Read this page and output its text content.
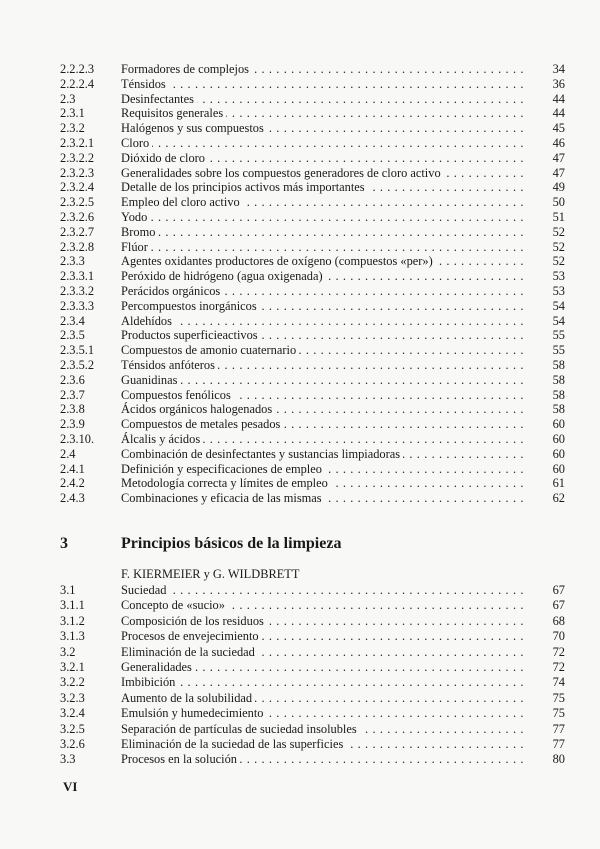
2.2.2.3	Formadores de complejos . . .	34
2.2.2.4	Ténsidos . . .	36
2.3	Desinfectantes . . .	44
2.3.1	Requisitos generales . . .	44
2.3.2	Halógenos y sus compuestos . . .	45
2.3.2.1	Cloro . . .	46
2.3.2.2	Dióxido de cloro . . .	47
2.3.2.3	Generalidades sobre los compuestos generadores de cloro activo . . .	47
2.3.2.4	Detalle de los principios activos más importantes . . .	49
2.3.2.5	Empleo del cloro activo . . .	50
2.3.2.6	Yodo . . .	51
2.3.2.7	Bromo . . .	52
2.3.2.8	Flúor . . .	52
2.3.3	Agentes oxidantes productores de oxígeno (compuestos «per») . . .	52
2.3.3.1	Peróxido de hidrógeno (agua oxigenada) . . .	53
2.3.3.2	Perácidos orgánicos . . .	53
2.3.3.3	Percompuestos inorgánicos . . .	54
2.3.4	Aldehídos . . .	54
2.3.5	Productos superficieactivos . . .	55
2.3.5.1	Compuestos de amonio cuaternario . . .	55
2.3.5.2	Ténsidos anfóteros . . .	58
2.3.6	Guanidinas . . .	58
2.3.7	Compuestos fenólicos . . .	58
2.3.8	Ácidos orgánicos halogenados . . .	58
2.3.9	Compuestos de metales pesados . . .	60
2.3.10.	Álcalis y ácidos . . .	60
2.4	Combinación de desinfectantes y sustancias limpiadoras . . .	60
2.4.1	Definición y especificaciones de empleo . . .	60
2.4.2	Metodología correcta y límites de empleo . . .	61
2.4.3	Combinaciones y eficacia de las mismas . . .	62
3	Principios básicos de la limpieza
F. KIERMEIER y G. WILDBRETT
3.1	Suciedad . . .	67
3.1.1	Concepto de «sucio» . . .	67
3.1.2	Composición de los residuos . . .	68
3.1.3	Procesos de envejecimiento . . .	70
3.2	Eliminación de la suciedad . . .	72
3.2.1	Generalidades . . .	72
3.2.2	Imbibición . . .	74
3.2.3	Aumento de la solubilidad . . .	75
3.2.4	Emulsión y humedecimiento . . .	75
3.2.5	Separación de partículas de suciedad insolubles . . .	77
3.2.6	Eliminación de la suciedad de las superficies . . .	77
3.3	Procesos en la solución . . .	80
VI
